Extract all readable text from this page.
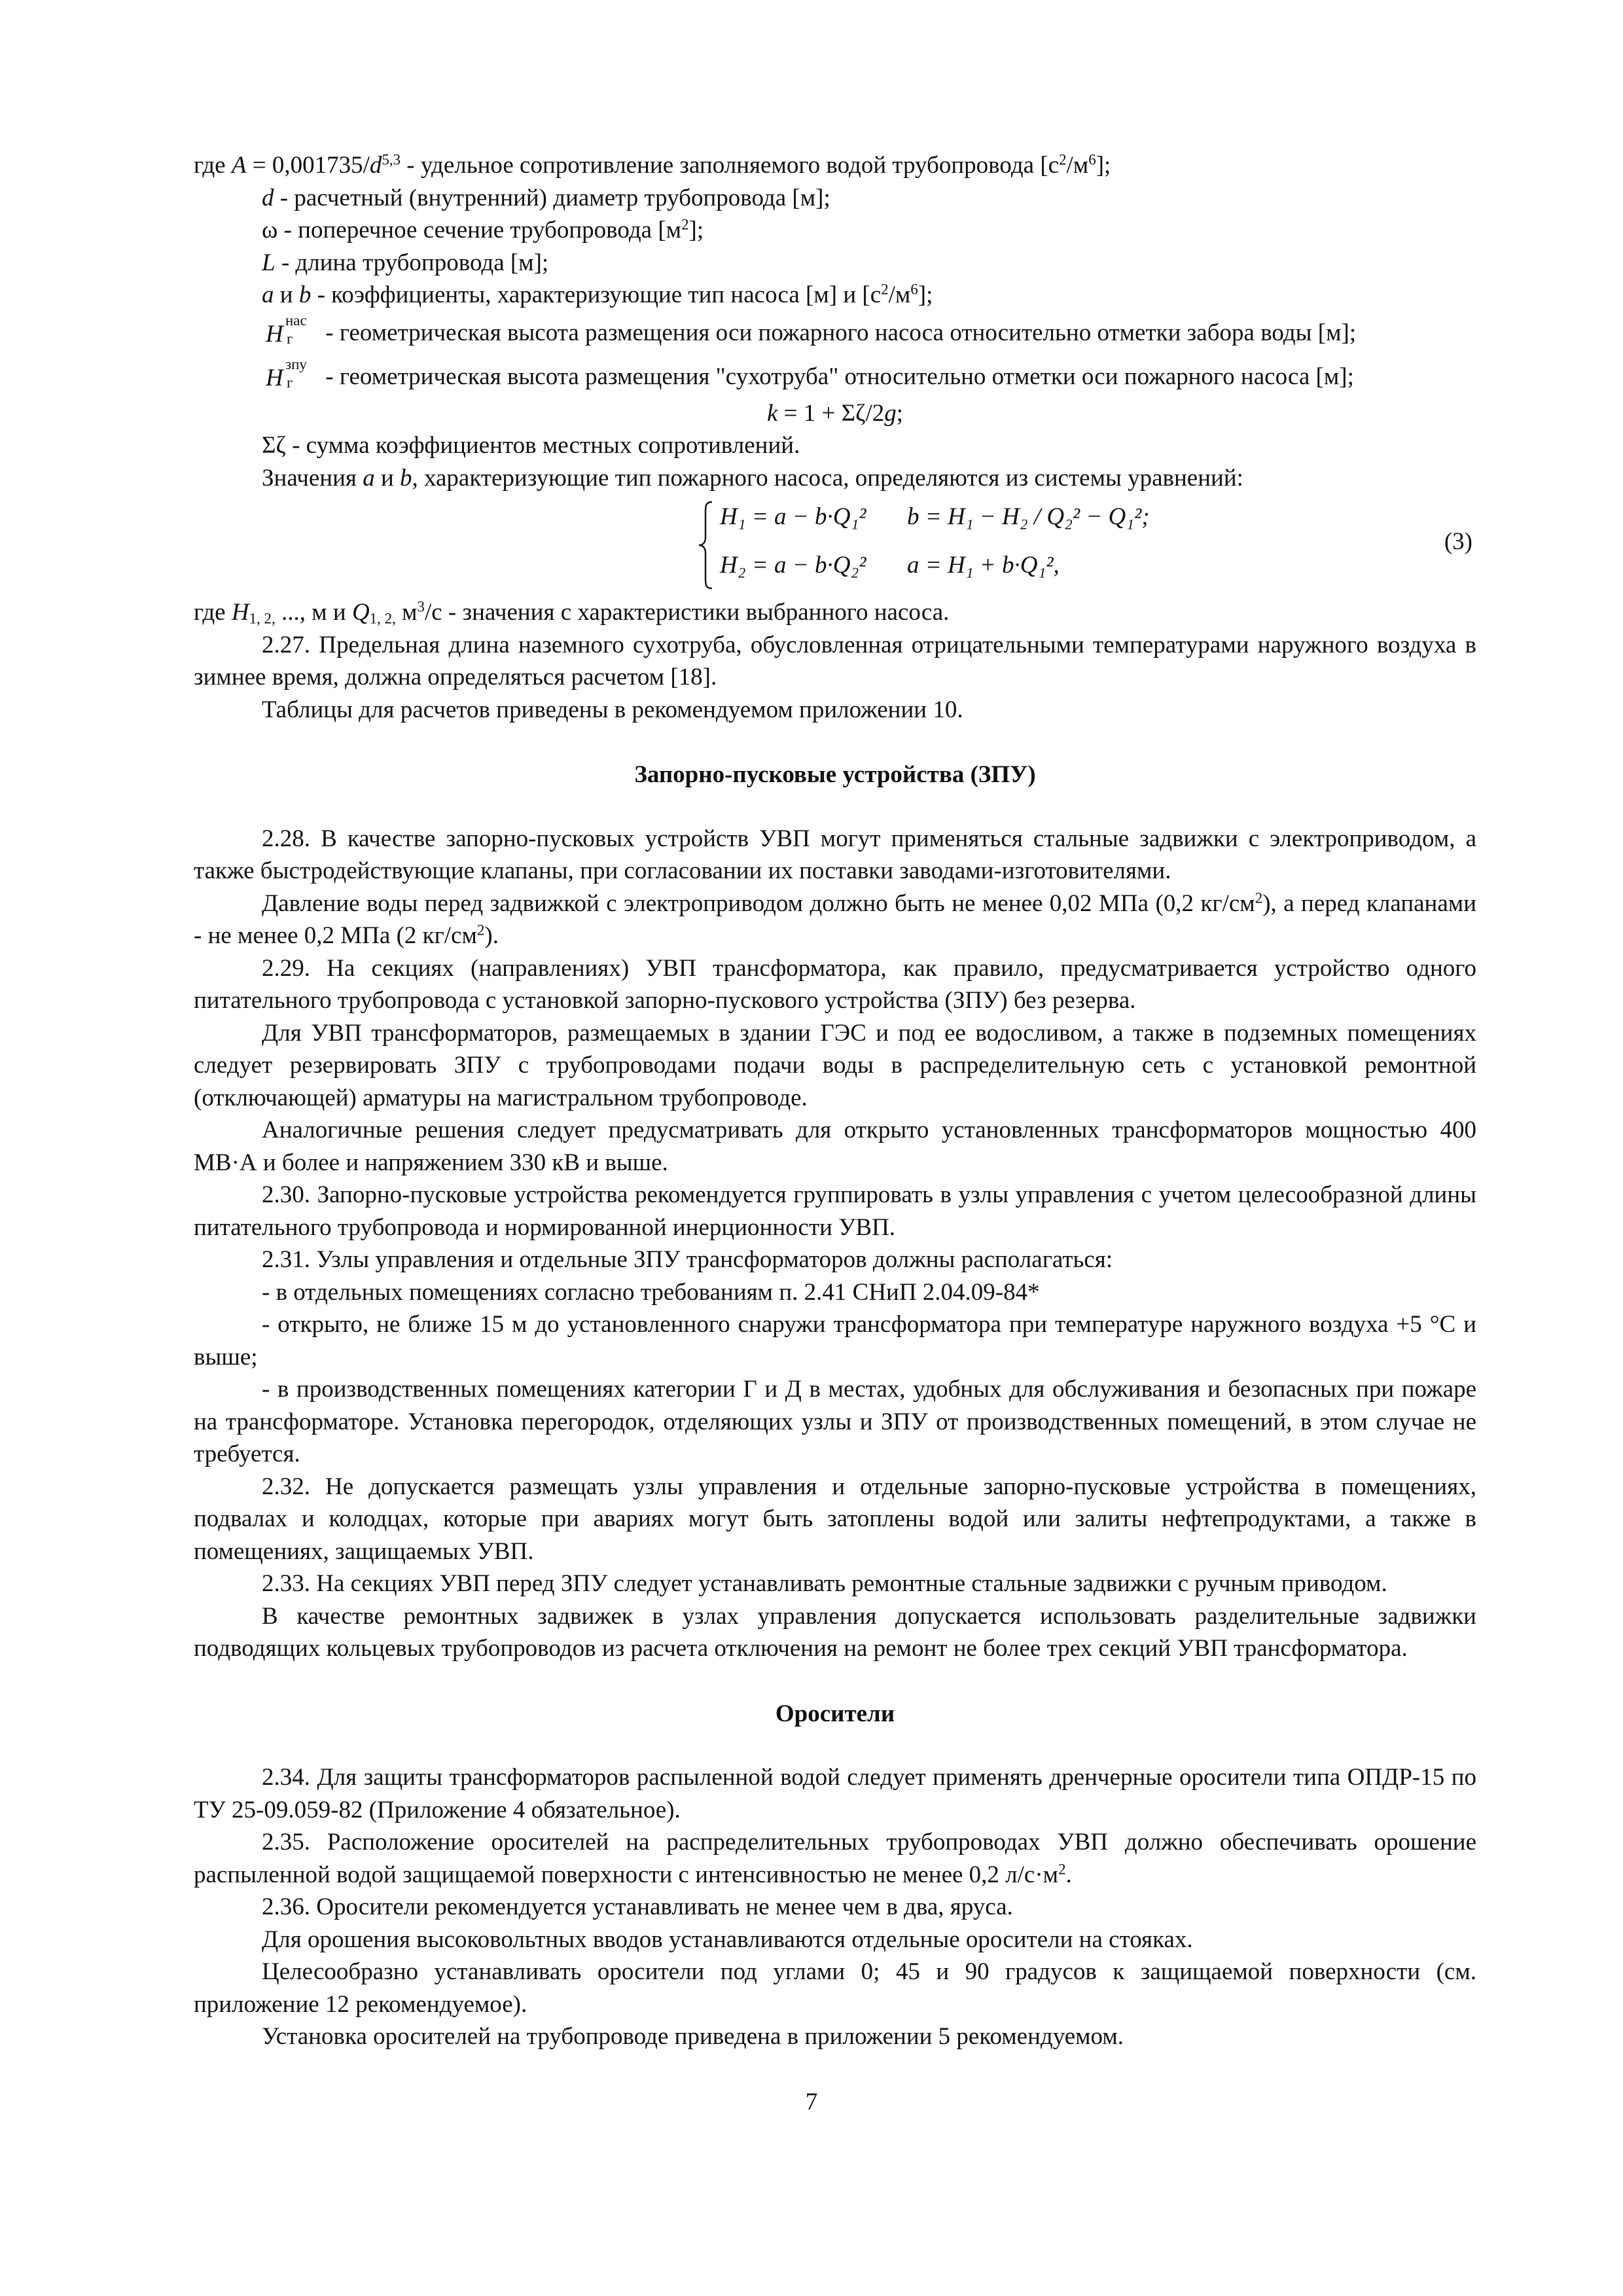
где $A = 0,001735/d^{5,3}$ - удельное сопротивление заполняемого водой трубопровода $[с^2/м^6]$;

d - расчетный (внутренний) диаметр трубопровода [м];

ω - поперечное сечение трубопровода $[м^2]$;

L - длина трубопровода [м];

a и b - коэффициенты, характеризующие тип насоса [м] и $[с^2/м^6]$;

H
нас
г - геометрическая высота размещения оси пожарного насоса относительно отметки забора воды [м];

H
зпу
г - геометрическая высота размещения "сухотруба" относительно отметки оси пожарного насоса [м];

k = 1 + Σζ/2g;

Σζ - сумма коэффициентов местных сопротивлений.

Значения a и b, характеризующие тип пожарного насоса, определяются из системы уравнений:

H₁ = a − b·Q₁² b = H₁ − H₂ / Q₂² − Q₁²;
H₂ = a − b·Q₂² a = H₁ + b·Q₁²,
(3)

где $H_{1, 2,}$ ..., м и $Q_{1, 2,}$ $м^3/с$ - значения с характеристики выбранного насоса.

2.27. Предельная длина наземного сухотруба, обусловленная отрицательными температурами наружного воздуха в зимнее время, должна определяться расчетом [18].

Таблицы для расчетов приведены в рекомендуемом приложении 10.

Запорно-пусковые устройства (ЗПУ)

2.28. В качестве запорно-пусковых устройств УВП могут применяться стальные задвижки с электроприводом, а также быстродействующие клапаны, при согласовании их поставки заводами-изготовителями.

Давление воды перед задвижкой с электроприводом должно быть не менее 0,02 МПа (0,2 $кг/см^2$), а перед клапанами - не менее 0,2 МПа (2 $кг/см^2$).

2.29. На секциях (направлениях) УВП трансформатора, как правило, предусматривается устройство одного питательного трубопровода с установкой запорно-пускового устройства (ЗПУ) без резерва.

Для УВП трансформаторов, размещаемых в здании ГЭС и под ее водосливом, а также в подземных помещениях следует резервировать ЗПУ с трубопроводами подачи воды в распределительную сеть с установкой ремонтной (отключающей) арматуры на магистральном трубопроводе.

Аналогичные решения следует предусматривать для открыто установленных трансформаторов мощностью 400 МВ·А и более и напряжением 330 кВ и выше.

2.30. Запорно-пусковые устройства рекомендуется группировать в узлы управления с учетом целесообразной длины питательного трубопровода и нормированной инерционности УВП.

2.31. Узлы управления и отдельные ЗПУ трансформаторов должны располагаться:

- в отдельных помещениях согласно требованиям п. 2.41 СНиП 2.04.09-84*

- открыто, не ближе 15 м до установленного снаружи трансформатора при температуре наружного воздуха +5 °С и выше;

- в производственных помещениях категории Г и Д в местах, удобных для обслуживания и безопасных при пожаре на трансформаторе. Установка перегородок, отделяющих узлы и ЗПУ от производственных помещений, в этом случае не требуется.

2.32. Не допускается размещать узлы управления и отдельные запорно-пусковые устройства в помещениях, подвалах и колодцах, которые при авариях могут быть затоплены водой или залиты нефтепродуктами, а также в помещениях, защищаемых УВП.

2.33. На секциях УВП перед ЗПУ следует устанавливать ремонтные стальные задвижки с ручным приводом.

В качестве ремонтных задвижек в узлах управления допускается использовать разделительные задвижки подводящих кольцевых трубопроводов из расчета отключения на ремонт не более трех секций УВП трансформатора.

Оросители

2.34. Для защиты трансформаторов распыленной водой следует применять дренчерные оросители типа ОПДР-15 по ТУ 25-09.059-82 (Приложение 4 обязательное).

2.35. Расположение оросителей на распределительных трубопроводах УВП должно обеспечивать орошение распыленной водой защищаемой поверхности с интенсивностью не менее 0,2 $л/с\cdot м^2$.

2.36. Оросители рекомендуется устанавливать не менее чем в два, яруса.

Для орошения высоковольтных вводов устанавливаются отдельные оросители на стояках.

Целесообразно устанавливать оросители под углами 0; 45 и 90 градусов к защищаемой поверхности (см. приложение 12 рекомендуемое).

Установка оросителей на трубопроводе приведена в приложении 5 рекомендуемом.

7
